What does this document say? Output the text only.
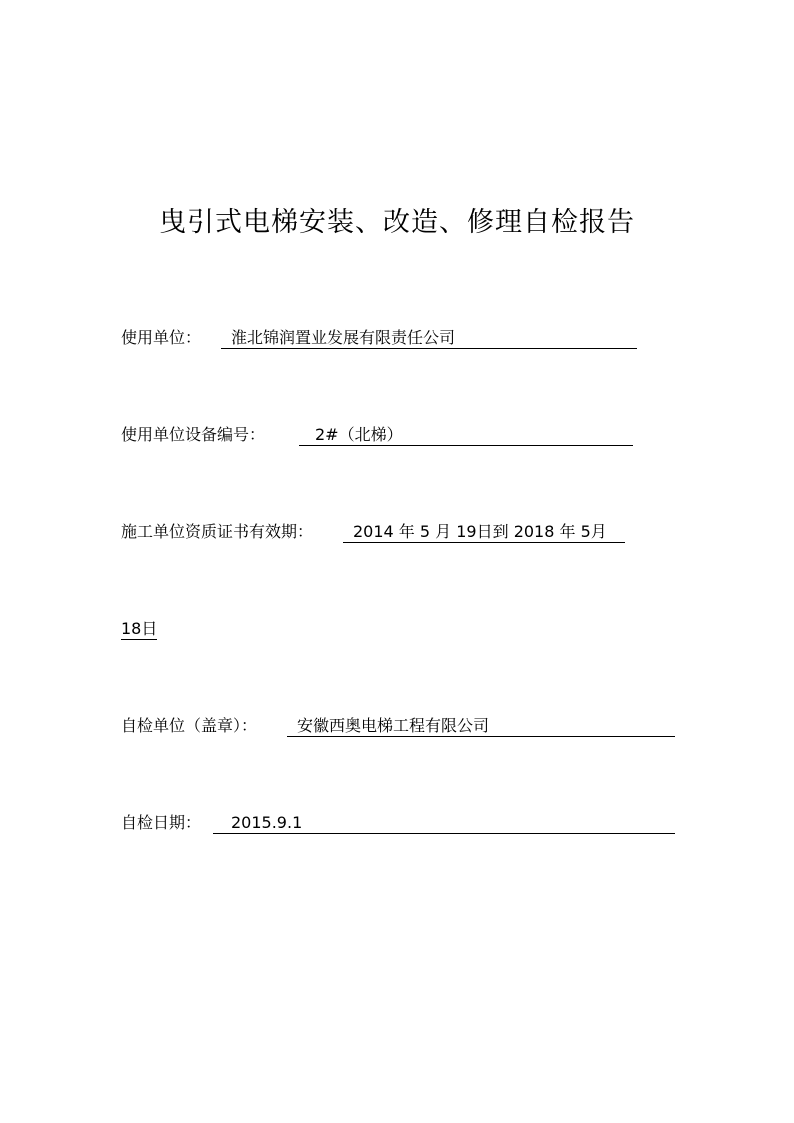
曳引式电梯安装、改造、修理自检报告
使用单位：	淮北锦润置业发展有限责任公司
使用单位设备编号：	2#（北梯）
施工单位资质证书有效期：	2014 年 5 月 19日到 2018 年 5月
18日
自检单位（盖章）：	安徽西奥电梯工程有限公司
自检日期：	2015.9.1
